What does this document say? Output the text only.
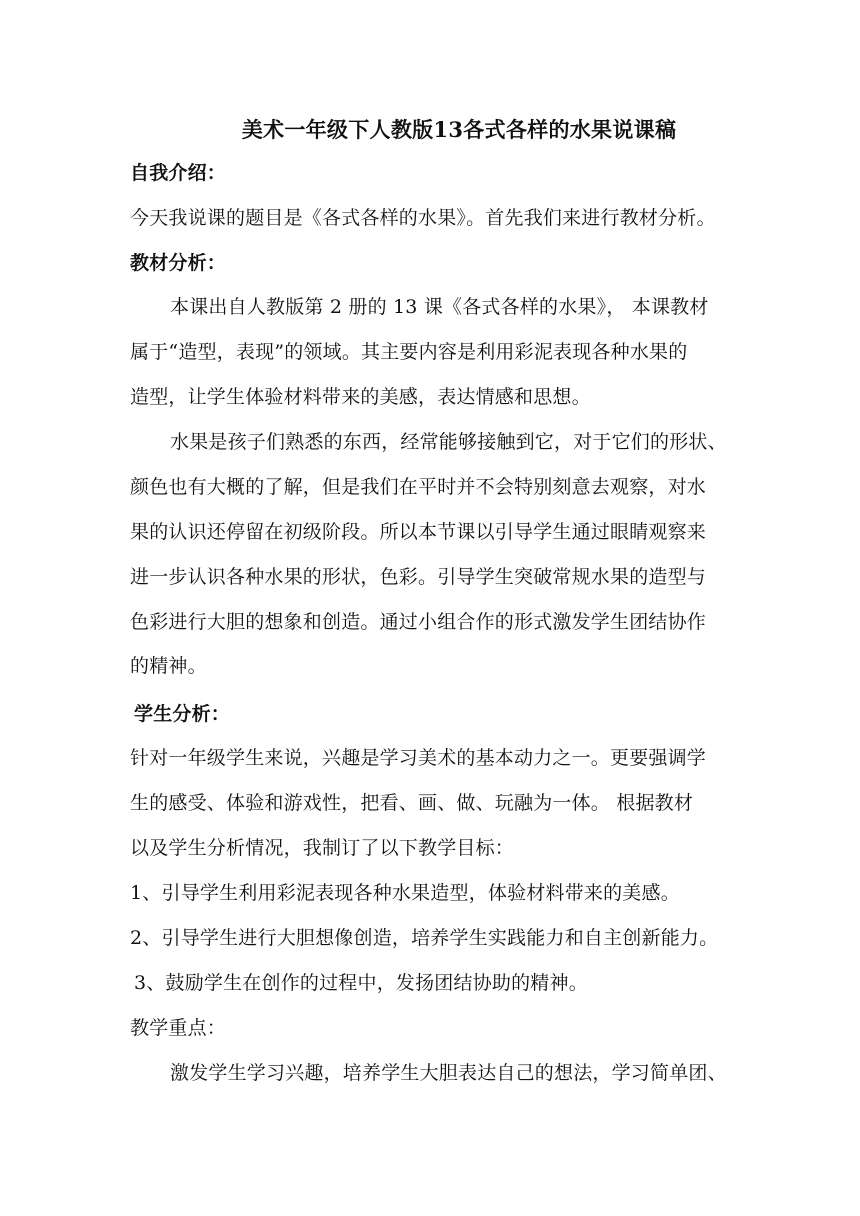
美术一年级下人教版13各式各样的水果说课稿
自我介绍：
今天我说课的题目是《各式各样的水果》。首先我们来进行教材分析。
教材分析：
本课出自人教版第 2 册的 13 课《各式各样的水果》， 本课教材
属于“造型，表现”的领域。其主要内容是利用彩泥表现各种水果的
造型，让学生体验材料带来的美感，表达情感和思想。
水果是孩子们熟悉的东西，经常能够接触到它，对于它们的形状、
颜色也有大概的了解，但是我们在平时并不会特别刻意去观察，对水
果的认识还停留在初级阶段。所以本节课以引导学生通过眼睛观察来
进一步认识各种水果的形状，色彩。引导学生突破常规水果的造型与
色彩进行大胆的想象和创造。通过小组合作的形式激发学生团结协作
的精神。
学生分析：
针对一年级学生来说，兴趣是学习美术的基本动力之一。更要强调学
生的感受、体验和游戏性，把看、画、做、玩融为一体。 根据教材
以及学生分析情况，我制订了以下教学目标：
1、引导学生利用彩泥表现各种水果造型，体验材料带来的美感。
2、引导学生进行大胆想像创造，培养学生实践能力和自主创新能力。
3、鼓励学生在创作的过程中，发扬团结协助的精神。
教学重点：
激发学生学习兴趣，培养学生大胆表达自己的想法，学习简单团、
